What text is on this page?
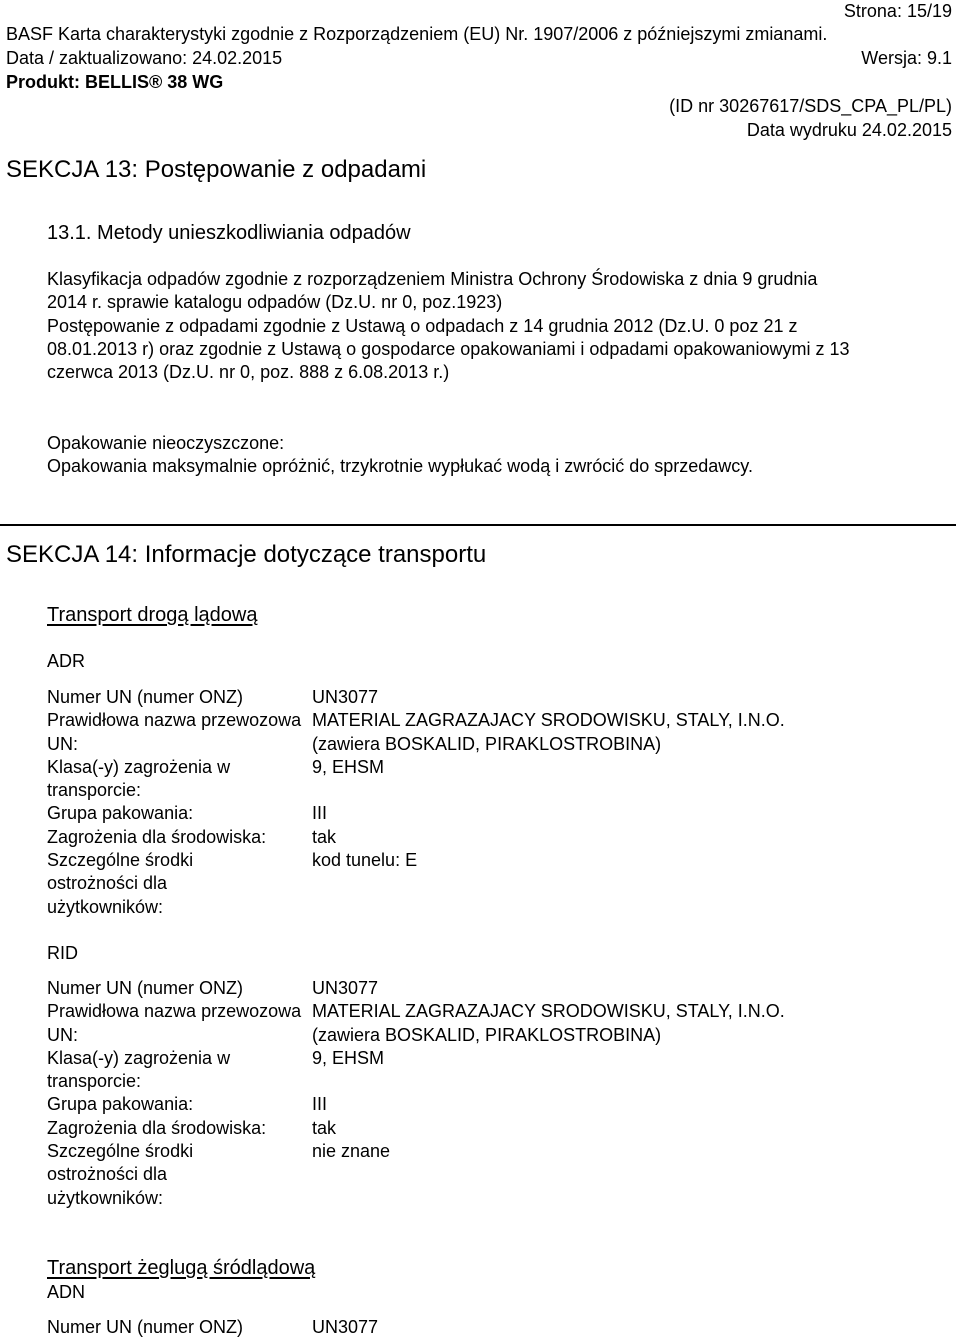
Strona: 15/19
BASF Karta charakterystyki zgodnie z Rozporządzeniem (EU) Nr. 1907/2006 z późniejszymi zmianami.
Data / zaktualizowano: 24.02.2015	Wersja: 9.1
Produkt: BELLIS® 38 WG
(ID nr 30267617/SDS_CPA_PL/PL)
Data wydruku 24.02.2015
SEKCJA 13: Postępowanie z odpadami
13.1. Metody unieszkodliwiania odpadów
Klasyfikacja odpadów zgodnie z rozporządzeniem Ministra Ochrony Środowiska z dnia 9 grudnia
2014 r. sprawie katalogu odpadów (Dz.U. nr 0, poz.1923)
Postępowanie z odpadami zgodnie z Ustawą o odpadach z 14 grudnia 2012 (Dz.U. 0 poz 21 z
08.01.2013 r) oraz zgodnie z Ustawą o gospodarce opakowaniami i odpadami opakowaniowymi z 13
czerwca 2013 (Dz.U. nr 0, poz. 888 z 6.08.2013 r.)
Opakowanie nieoczyszczone:
Opakowania maksymalnie opróżnić, trzykrotnie wypłukać wodą i zwrócić do sprzedawcy.
SEKCJA 14: Informacje dotyczące transportu
Transport drogą lądową
ADR
Numer UN (numer ONZ)	UN3077
Prawidłowa nazwa przewozowa UN:
MATERIAL ZAGRAZAJACY SRODOWISKU, STALY, I.N.O.
(zawiera BOSKALID, PIRAKLOSTROBINA)
Klasa(-y) zagrożenia w transporcie:
9, EHSM
Grupa pakowania:	III
Zagrożenia dla środowiska:	tak
Szczególne środki ostrożności dla użytkowników:
kod tunelu: E
RID
Numer UN (numer ONZ)	UN3077
Prawidłowa nazwa przewozowa UN:
MATERIAL ZAGRAZAJACY SRODOWISKU, STALY, I.N.O.
(zawiera BOSKALID, PIRAKLOSTROBINA)
Klasa(-y) zagrożenia w transporcie:
9, EHSM
Grupa pakowania:	III
Zagrożenia dla środowiska:	tak
Szczególne środki ostrożności dla użytkowników:
nie znane
Transport żeglugą śródlądową
ADN
Numer UN (numer ONZ)	UN3077
